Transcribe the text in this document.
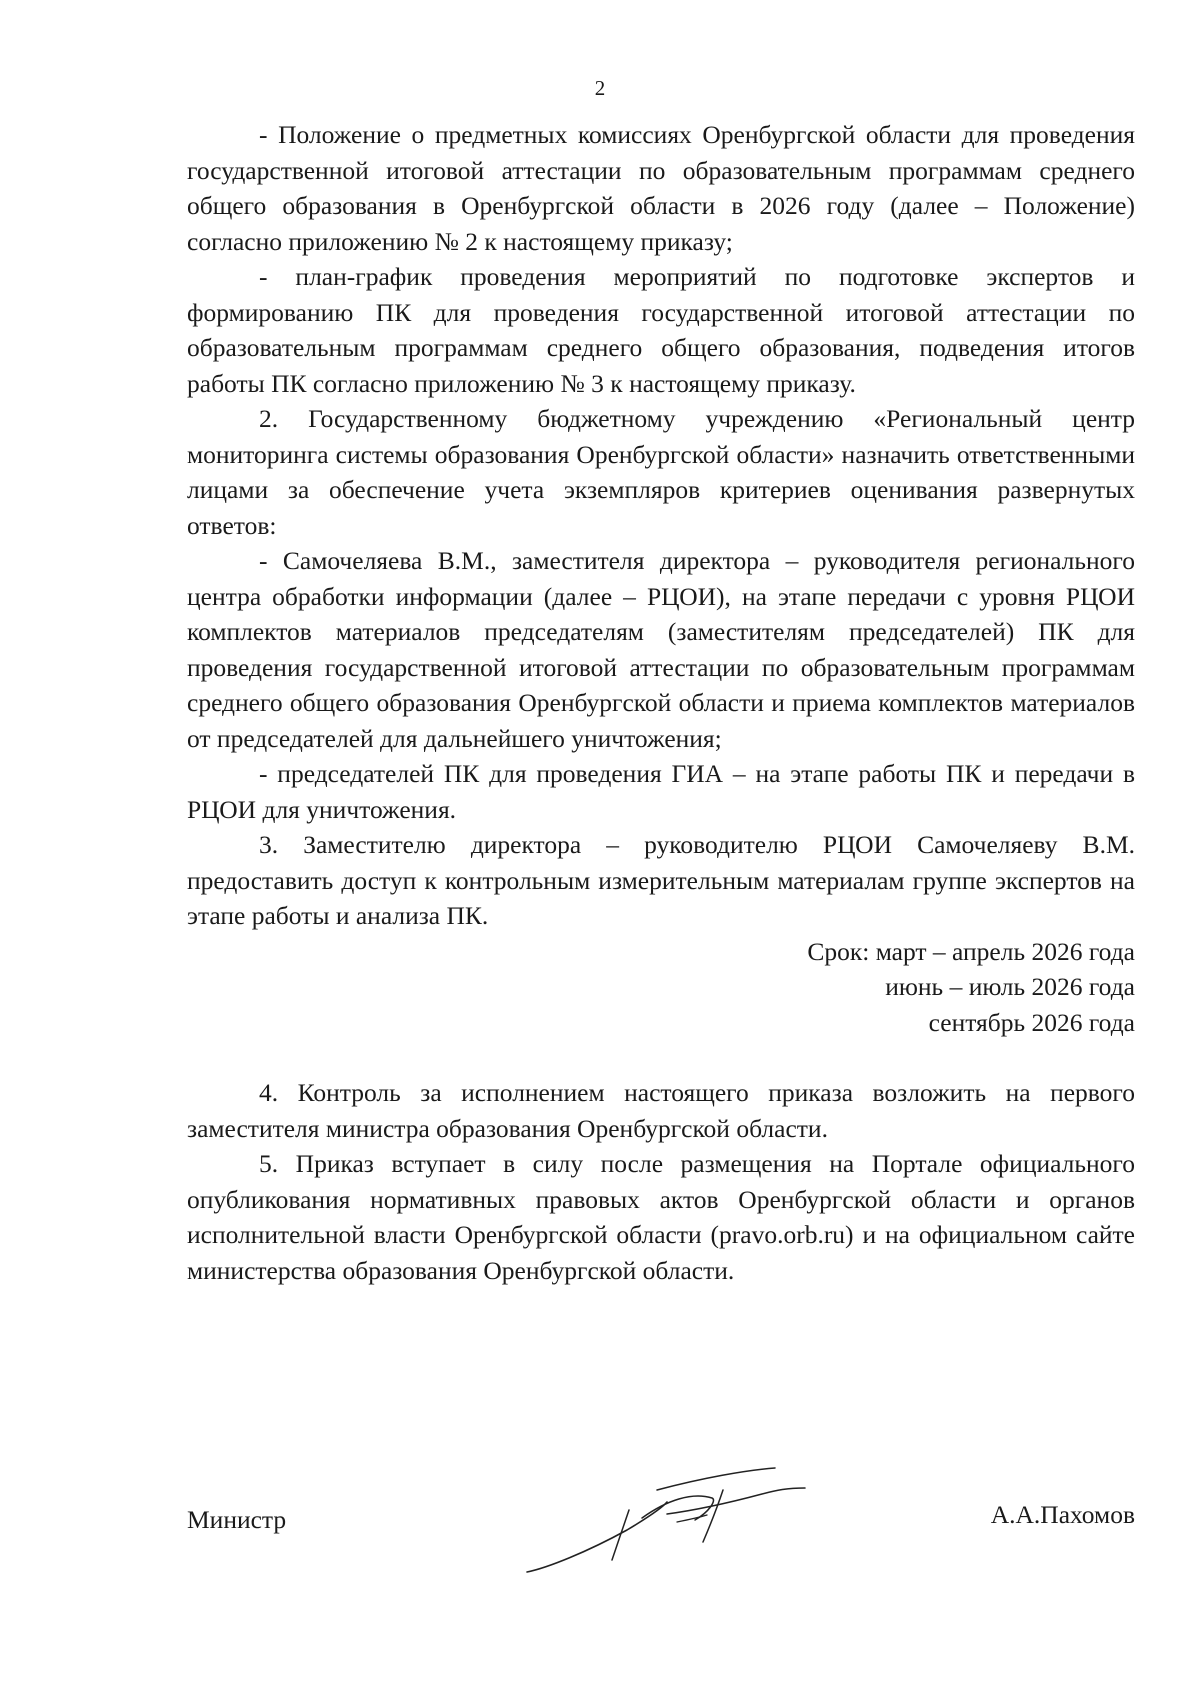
2

- Положение о предметных комиссиях Оренбургской области для проведения государственной итоговой аттестации по образовательным программам среднего общего образования в Оренбургской области в 2026 году (далее – Положение) согласно приложению № 2 к настоящему приказу;

- план-график проведения мероприятий по подготовке экспертов и формированию ПК для проведения государственной итоговой аттестации по образовательным программам среднего общего образования, подведения итогов работы ПК согласно приложению № 3 к настоящему приказу.

2. Государственному бюджетному учреждению «Региональный центр мониторинга системы образования Оренбургской области» назначить ответственными лицами за обеспечение учета экземпляров критериев оценивания развернутых ответов:

- Самочеляева В.М., заместителя директора – руководителя регионального центра обработки информации (далее – РЦОИ), на этапе передачи с уровня РЦОИ комплектов материалов председателям (заместителям председателей) ПК для проведения государственной итоговой аттестации по образовательным программам среднего общего образования Оренбургской области и приема комплектов материалов от председателей для дальнейшего уничтожения;

- председателей ПК для проведения ГИА – на этапе работы ПК и передачи в РЦОИ для уничтожения.

3. Заместителю директора – руководителю РЦОИ Самочеляеву В.М. предоставить доступ к контрольным измерительным материалам группе экспертов на этапе работы и анализа ПК.

Срок: март – апрель 2026 года
июнь – июль 2026 года
сентябрь 2026 года

4. Контроль за исполнением настоящего приказа возложить на первого заместителя министра образования Оренбургской области.

5. Приказ вступает в силу после размещения на Портале официального опубликования нормативных правовых актов Оренбургской области и органов исполнительной власти Оренбургской области (pravo.orb.ru) и на официальном сайте министерства образования Оренбургской области.

Министр	А.А.Пахомов
